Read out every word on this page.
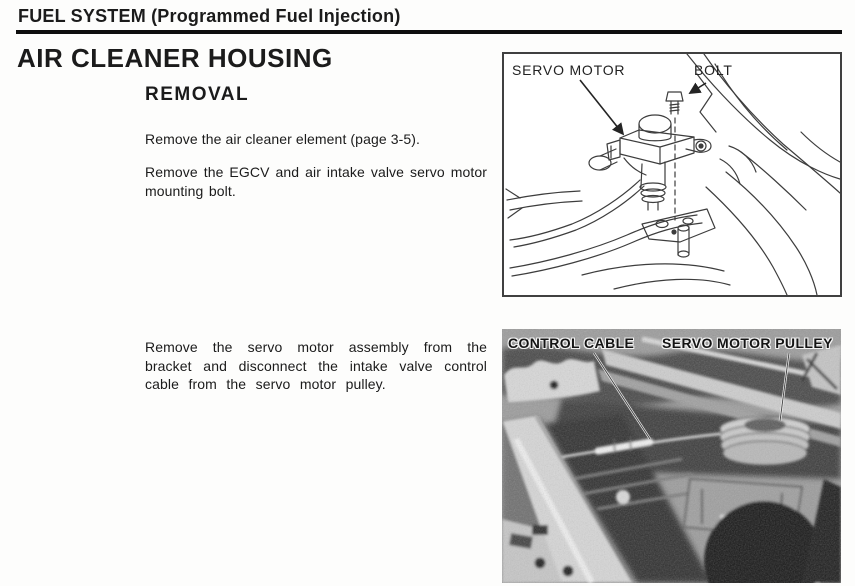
FUEL SYSTEM (Programmed Fuel Injection)
AIR CLEANER HOUSING
REMOVAL

Remove the air cleaner element (page 3-5).

Remove the EGCV and air intake valve servo motor mounting bolt.

Remove the servo motor assembly from the bracket and disconnect the intake valve control cable from the servo motor pulley.

SERVO MOTOR	BOLT
CONTROL CABLE SERVO MOTOR PULLEY
